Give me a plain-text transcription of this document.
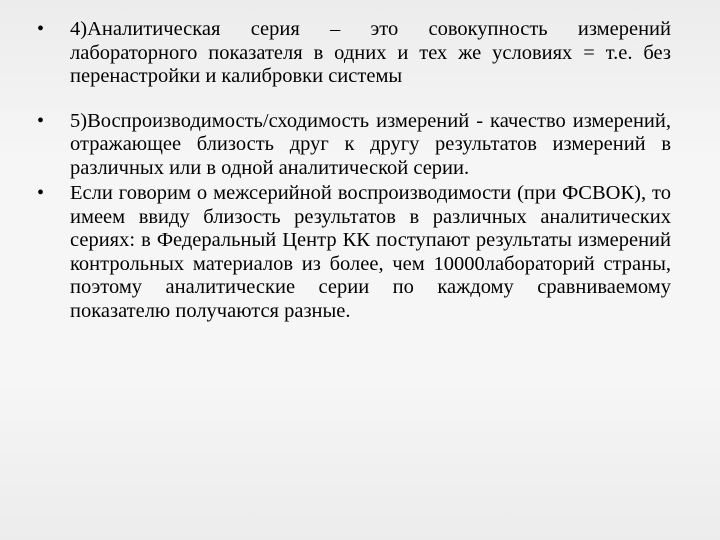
•	4)Аналитическая серия – это совокупность измерений лабораторного показателя в одних и тех же условиях = т.е. без перенастройки и калибровки системы
•	5)Воспроизводимость/сходимость измерений - качество измерений, отражающее близость друг к другу результатов измерений в различных или в одной аналитической серии.
•	Если говорим о межсерийной воспроизводимости (при ФСВОК), то имеем ввиду близость результатов в различных аналитических сериях: в Федеральный Центр КК поступают результаты измерений контрольных материалов из более, чем 10000лабораторий страны, поэтому аналитические серии по каждому сравниваемому показателю получаются разные.
